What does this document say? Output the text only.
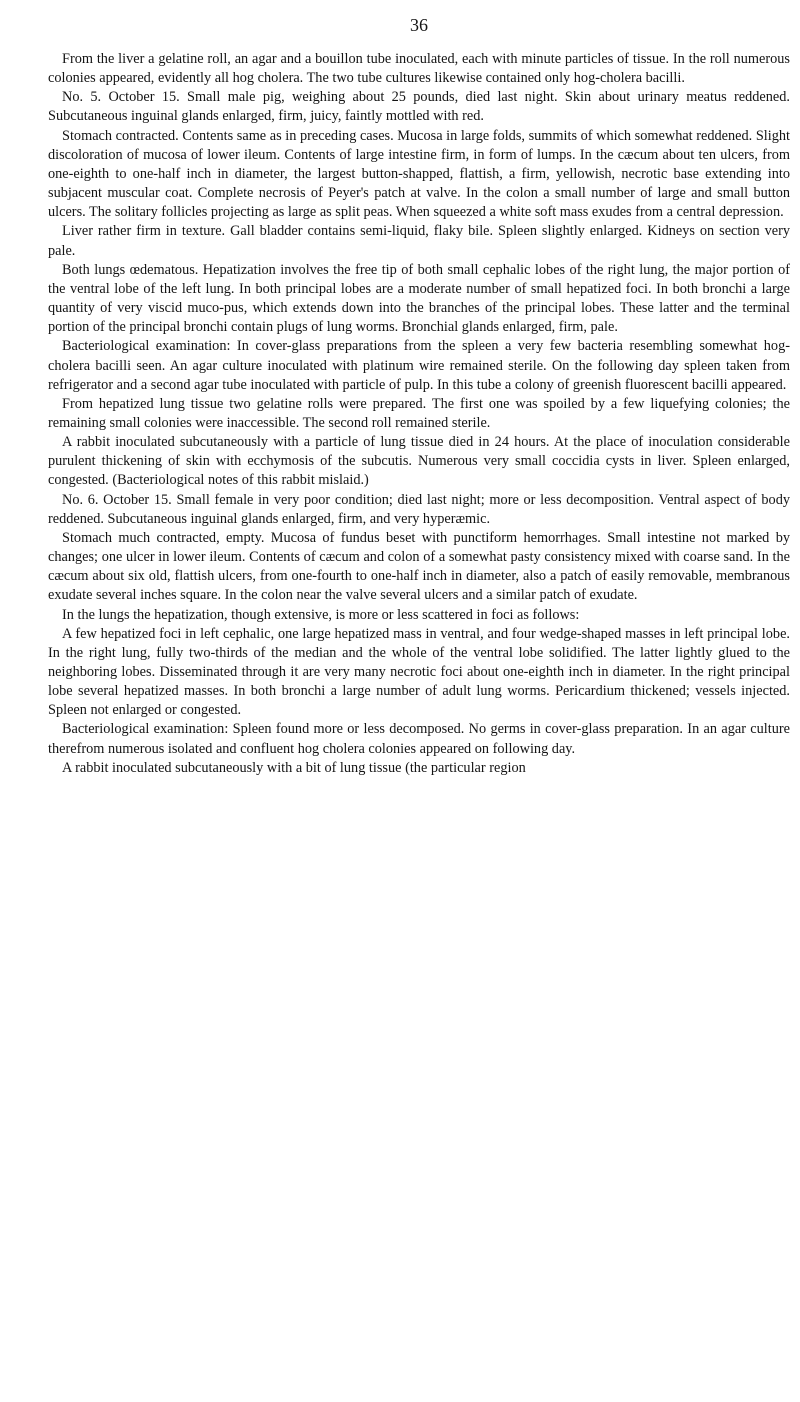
36

From the liver a gelatine roll, an agar and a bouillon tube inoculated, each with minute particles of tissue. In the roll numerous colonies appeared, evidently all hog cholera. The two tube cultures likewise contained only hog-cholera bacilli.

No. 5. October 15. Small male pig, weighing about 25 pounds, died last night. Skin about urinary meatus reddened. Subcutaneous inguinal glands enlarged, firm, juicy, faintly mottled with red.

Stomach contracted. Contents same as in preceding cases. Mucosa in large folds, summits of which somewhat reddened. Slight discoloration of mucosa of lower ileum. Contents of large intestine firm, in form of lumps. In the cæcum about ten ulcers, from one-eighth to one-half inch in diameter, the largest button-shapped, flattish, a firm, yellowish, necrotic base extending into subjacent muscular coat. Complete necrosis of Peyer's patch at valve. In the colon a small number of large and small button ulcers. The solitary follicles projecting as large as split peas. When squeezed a white soft mass exudes from a central depression.

Liver rather firm in texture. Gall bladder contains semi-liquid, flaky bile. Spleen slightly enlarged. Kidneys on section very pale.

Both lungs œdematous. Hepatization involves the free tip of both small cephalic lobes of the right lung, the major portion of the ventral lobe of the left lung. In both principal lobes are a moderate number of small hepatized foci. In both bronchi a large quantity of very viscid muco-pus, which extends down into the branches of the principal lobes. These latter and the terminal portion of the principal bronchi contain plugs of lung worms. Bronchial glands enlarged, firm, pale.

Bacteriological examination: In cover-glass preparations from the spleen a very few bacteria resembling somewhat hog-cholera bacilli seen. An agar culture inoculated with platinum wire remained sterile. On the following day spleen taken from refrigerator and a second agar tube inoculated with particle of pulp. In this tube a colony of greenish fluorescent bacilli appeared.

From hepatized lung tissue two gelatine rolls were prepared. The first one was spoiled by a few liquefying colonies; the remaining small colonies were inaccessible. The second roll remained sterile.

A rabbit inoculated subcutaneously with a particle of lung tissue died in 24 hours. At the place of inoculation considerable purulent thickening of skin with ecchymosis of the subcutis. Numerous very small coccidia cysts in liver. Spleen enlarged, congested. (Bacteriological notes of this rabbit mislaid.)

No. 6. October 15. Small female in very poor condition; died last night; more or less decomposition. Ventral aspect of body reddened. Subcutaneous inguinal glands enlarged, firm, and very hyperæmic.

Stomach much contracted, empty. Mucosa of fundus beset with punctiform hemorrhages. Small intestine not marked by changes; one ulcer in lower ileum. Contents of cæcum and colon of a somewhat pasty consistency mixed with coarse sand. In the cæcum about six old, flattish ulcers, from one-fourth to one-half inch in diameter, also a patch of easily removable, membranous exudate several inches square. In the colon near the valve several ulcers and a similar patch of exudate.

In the lungs the hepatization, though extensive, is more or less scattered in foci as follows:

A few hepatized foci in left cephalic, one large hepatized mass in ventral, and four wedge-shaped masses in left principal lobe. In the right lung, fully two-thirds of the median and the whole of the ventral lobe solidified. The latter lightly glued to the neighboring lobes. Disseminated through it are very many necrotic foci about one-eighth inch in diameter. In the right principal lobe several hepatized masses. In both bronchi a large number of adult lung worms. Pericardium thickened; vessels injected. Spleen not enlarged or congested.

Bacteriological examination: Spleen found more or less decomposed. No germs in cover-glass preparation. In an agar culture therefrom numerous isolated and confluent hog cholera colonies appeared on following day.

A rabbit inoculated subcutaneously with a bit of lung tissue (the particular region
